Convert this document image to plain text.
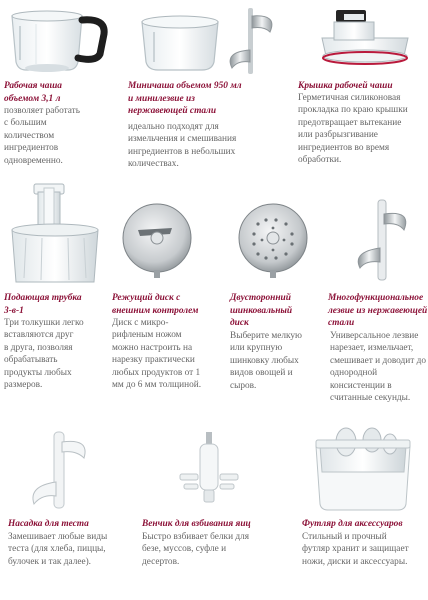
Рабочая чаша
объемом 3,1 л
позволяет работать
с большим
количеством
ингредиентов
одновременно.
Миничаша объемом 950 мл
и минилезвие из
нержавеющей стали
идеально подходят для
измельчения и смешивания
ингредиентов в небольших
количествах.
Крышка рабочей чаши
Герметичная силиконовая
прокладка по краю крышки
предотвращает вытекание
или разбрызгивание
ингредиентов во время
обработки.
Подающая трубка
3-в-1
Три толкушки легко
вставляются друг
в друга, позволяя
обрабатывать
продукты любых
размеров.
Режущий диск с
внешним контролем
Диск с микро-
рифленым ножом
можно настроить на
нарезку практически
любых продуктов от 1
мм до 6 мм толщиной.
Двусторонний
шинковальный
диск
Выберите мелкую
или крупную
шинковку любых
видов овощей и
сыров.
Многофункциональное
лезвие из нержавеющей
стали
Универсальное лезвие
нарезает, измельчает,
смешивает и доводит до
однородной
консистенции в
считанные секунды.
Насадка для теста
Замешивает любые виды
теста (для хлеба, пиццы,
булочек и так далее).
Венчик для взбивания яиц
Быстро взбивает белки для
безе, муссов, суфле и
десертов.
Футляр для аксессуаров
Стильный и прочный
футляр хранит и защищает
ножи, диски и аксессуары.
